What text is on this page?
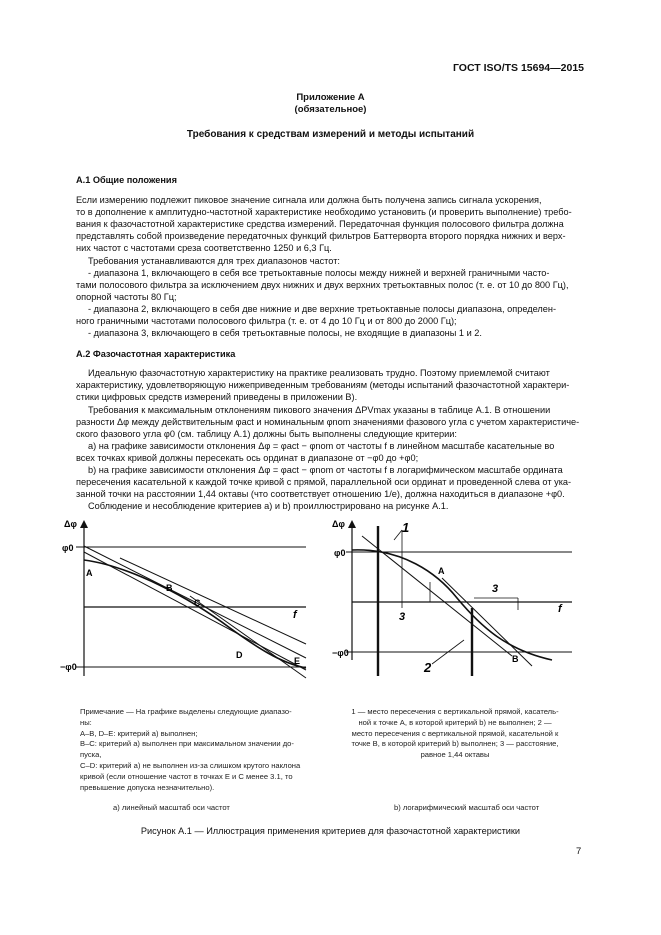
ГОСТ ISO/TS 15694—2015
Приложение А
(обязательное)
Требования к средствам измерений и методы испытаний
А.1 Общие положения
Если измерению подлежит пиковое значение сигнала или должна быть получена запись сигнала ускорения,
то в дополнение к амплитудно-частотной характеристике необходимо установить (и проверить выполнение) требо-
вания к фазочастотной характеристике средства измерений. Передаточная функция полосового фильтра должна
представлять собой произведение передаточных функций фильтров Баттерворта второго порядка нижних и верх-
них частот с частотами среза соответственно 1250 и 6,3 Гц.
Требования устанавливаются для трех диапазонов частот:
- диапазона 1, включающего в себя все третьоктавные полосы между нижней и верхней граничными часто-
тами полосового фильтра за исключением двух нижних и двух верхних третьоктавных полос (т. е. от 10 до 800 Гц),
опорной частоты 80 Гц;
- диапазона 2, включающего в себя две нижние и две верхние третьоктавные полосы диапазона, определен-
ного граничными частотами полосового фильтра (т. е. от 4 до 10 Гц и от 800 до 2000 Гц);
- диапазона 3, включающего в себя третьоктавные полосы, не входящие в диапазоны 1 и 2.
А.2 Фазочастотная характеристика
Идеальную фазочастотную характеристику на практике реализовать трудно. Поэтому приемлемой считают
характеристику, удовлетворяющую нижеприведенным требованиям (методы испытаний фазочастотной характери-
стики цифровых средств измерений приведены в приложении В).
Требования к максимальным отклонениям пикового значения ΔPVmax указаны в таблице А.1. В отношении
разности Δφ между действительным φact и номинальным φnom значениями фазового угла с учетом характеристиче-
ского фазового угла φ0 (см. таблицу А.1) должны быть выполнены следующие критерии:
а) на графике зависимости отклонения Δφ = φact − φnom от частоты f в линейном масштабе касательные во
всех точках кривой должны пересекать ось ординат в диапазоне от −φ0 до +φ0;
b) на графике зависимости отклонения Δφ = φact − φnom от частоты f в логарифмическом масштабе ордината
пересечения касательной к каждой точке кривой с прямой, параллельной оси ординат и проведенной слева от ука-
занной точки на расстоянии 1,44 октавы (что соответствует отношению 1/e), должна находиться в диапазоне +φ0.
Соблюдение и несоблюдение критериев а) и b) проиллюстрировано на рисунке А.1.
Δφ
φ0
−φ0
f
A
B
C
D
E
Δφ
φ0
−φ0
f
A
B
1
2
3
3
Примечание — На графике выделены следующие диапазо-
ны:
А–В, D–Е: критерий а) выполнен;
В–С: критерий а) выполнен при максимальном значении до-
пуска,
С–D: критерий а) не выполнен из-за слишком крутого наклона
кривой (если отношение частот в точках Е и С менее 3.1, то
превышение допуска незначительно).
1 — место пересечения с вертикальной прямой, касатель-
ной к точке А, в которой критерий b) не выполнен; 2 —
место пересечения с вертикальной прямой, касательной к
точке В, в которой критерий b) выполнен; 3 — расстояние,
равное 1,44 октавы
а) линейный масштаб оси частот	b) логарифмический масштаб оси частот
Рисунок А.1 — Иллюстрация применения критериев для фазочастотной характеристики
7
